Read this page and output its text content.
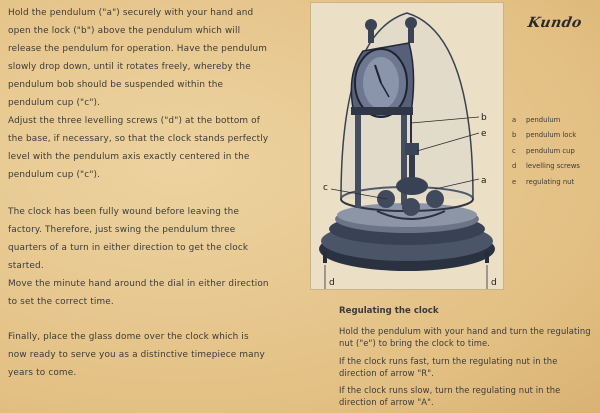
Hold the pendulum ("a") securely with your hand and open the lock ("b") above the pendulum which will release the pendulum for operation. Have the pendulum slowly drop down, until it rotates freely, whereby the pendulum bob should be suspended within the pendulum cup ("c").

Adjust the three levelling screws ("d") at the bottom of the base, if necessary, so that the clock stands perfectly level with the pendulum axis exactly centered in the pendulum cup ("c").

The clock has been fully wound before leaving the factory. Therefore, just swing the pendulum three quarters of a turn in either direction to get the clock started.

Move the minute hand around the dial in either direction to set the correct time.

Finally, place the glass dome over the clock which is now ready to serve you as a distinctive timepiece many years to come.

b
e
c
a
d	d
Kundo
a pendulum
b pendulum lock
c pendulum cup
d levelling screws
e regulating nut
Regulating the clock

Hold the pendulum with your hand and turn the regulating nut ("e") to bring the clock to time.

If the clock runs fast, turn the regulating nut in the direction of arrow "R".

If the clock runs slow, turn the regulating nut in the direction of arrow "A".
